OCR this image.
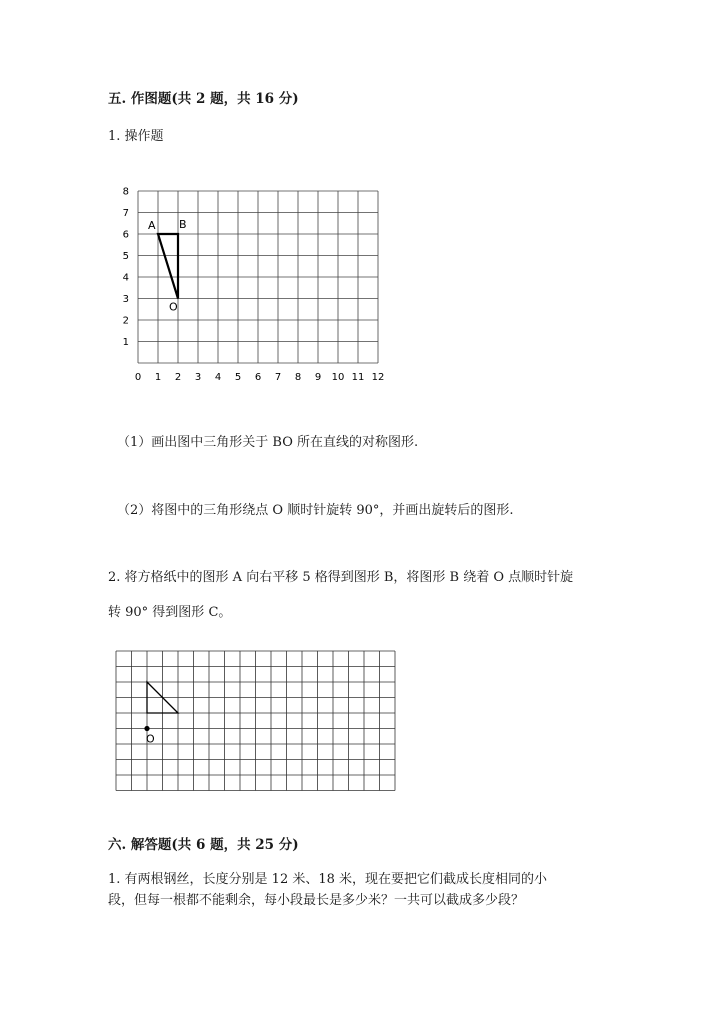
五. 作图题(共 2 题，共 16 分)
1. 操作题
0 1 2 3 4 5 6 7 8 9 10 11 12
1
2
3
4
5
6
7
8
A B
O
（1）画出图中三角形关于 BO 所在直线的对称图形.
（2）将图中的三角形绕点 O 顺时针旋转 90°，并画出旋转后的图形.
2. 将方格纸中的图形 A 向右平移 5 格得到图形 B，将图形 B 绕着 O 点顺时针旋
转 90° 得到图形 C。
O
六. 解答题(共 6 题，共 25 分)
1. 有两根钢丝，长度分别是 12 米、18 米，现在要把它们截成长度相同的小
段，但每一根都不能剩余，每小段最长是多少米？一共可以截成多少段？
